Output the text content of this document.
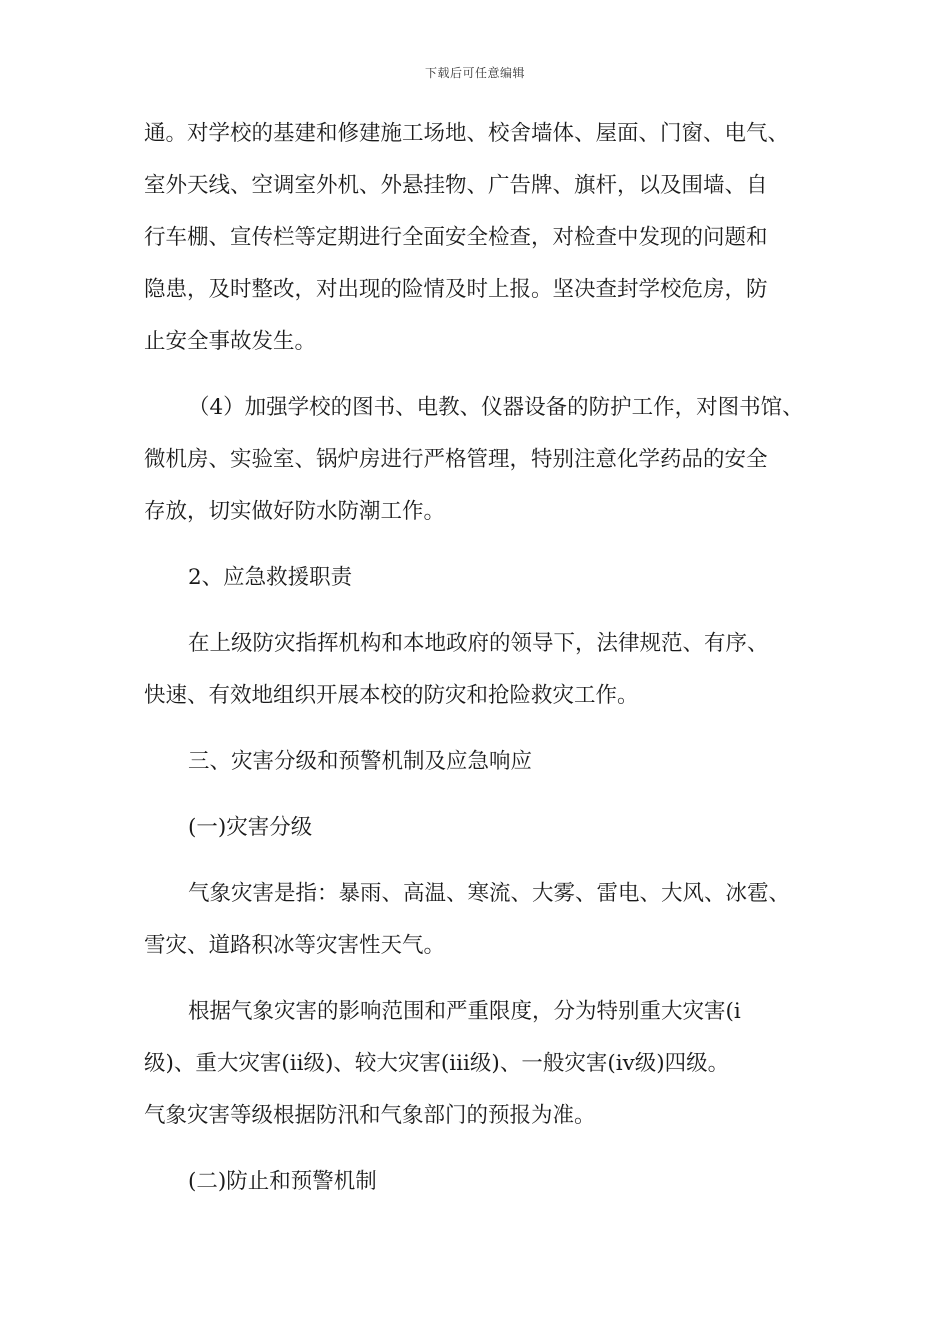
下载后可任意编辑
通。对学校的基建和修建施工场地、校舍墙体、屋面、门窗、电气、
室外天线、空调室外机、外悬挂物、广告牌、旗杆，以及围墙、自
行车棚、宣传栏等定期进行全面安全检查，对检查中发现的问题和
隐患，及时整改，对出现的险情及时上报。坚决查封学校危房，防
止安全事故发生。
（4）加强学校的图书、电教、仪器设备的防护工作，对图书馆、
微机房、实验室、锅炉房进行严格管理，特别注意化学药品的安全
存放，切实做好防水防潮工作。
2、应急救援职责
在上级防灾指挥机构和本地政府的领导下，法律规范、有序、
快速、有效地组织开展本校的防灾和抢险救灾工作。
三、灾害分级和预警机制及应急响应
(一)灾害分级
气象灾害是指：暴雨、高温、寒流、大雾、雷电、大风、冰雹、
雪灾、道路积冰等灾害性天气。
根据气象灾害的影响范围和严重限度，分为特别重大灾害(ⅰ
级)、重大灾害(ⅱ级)、较大灾害(ⅲ级)、一般灾害(ⅳ级)四级。
气象灾害等级根据防汛和气象部门的预报为准。
(二)防止和预警机制
